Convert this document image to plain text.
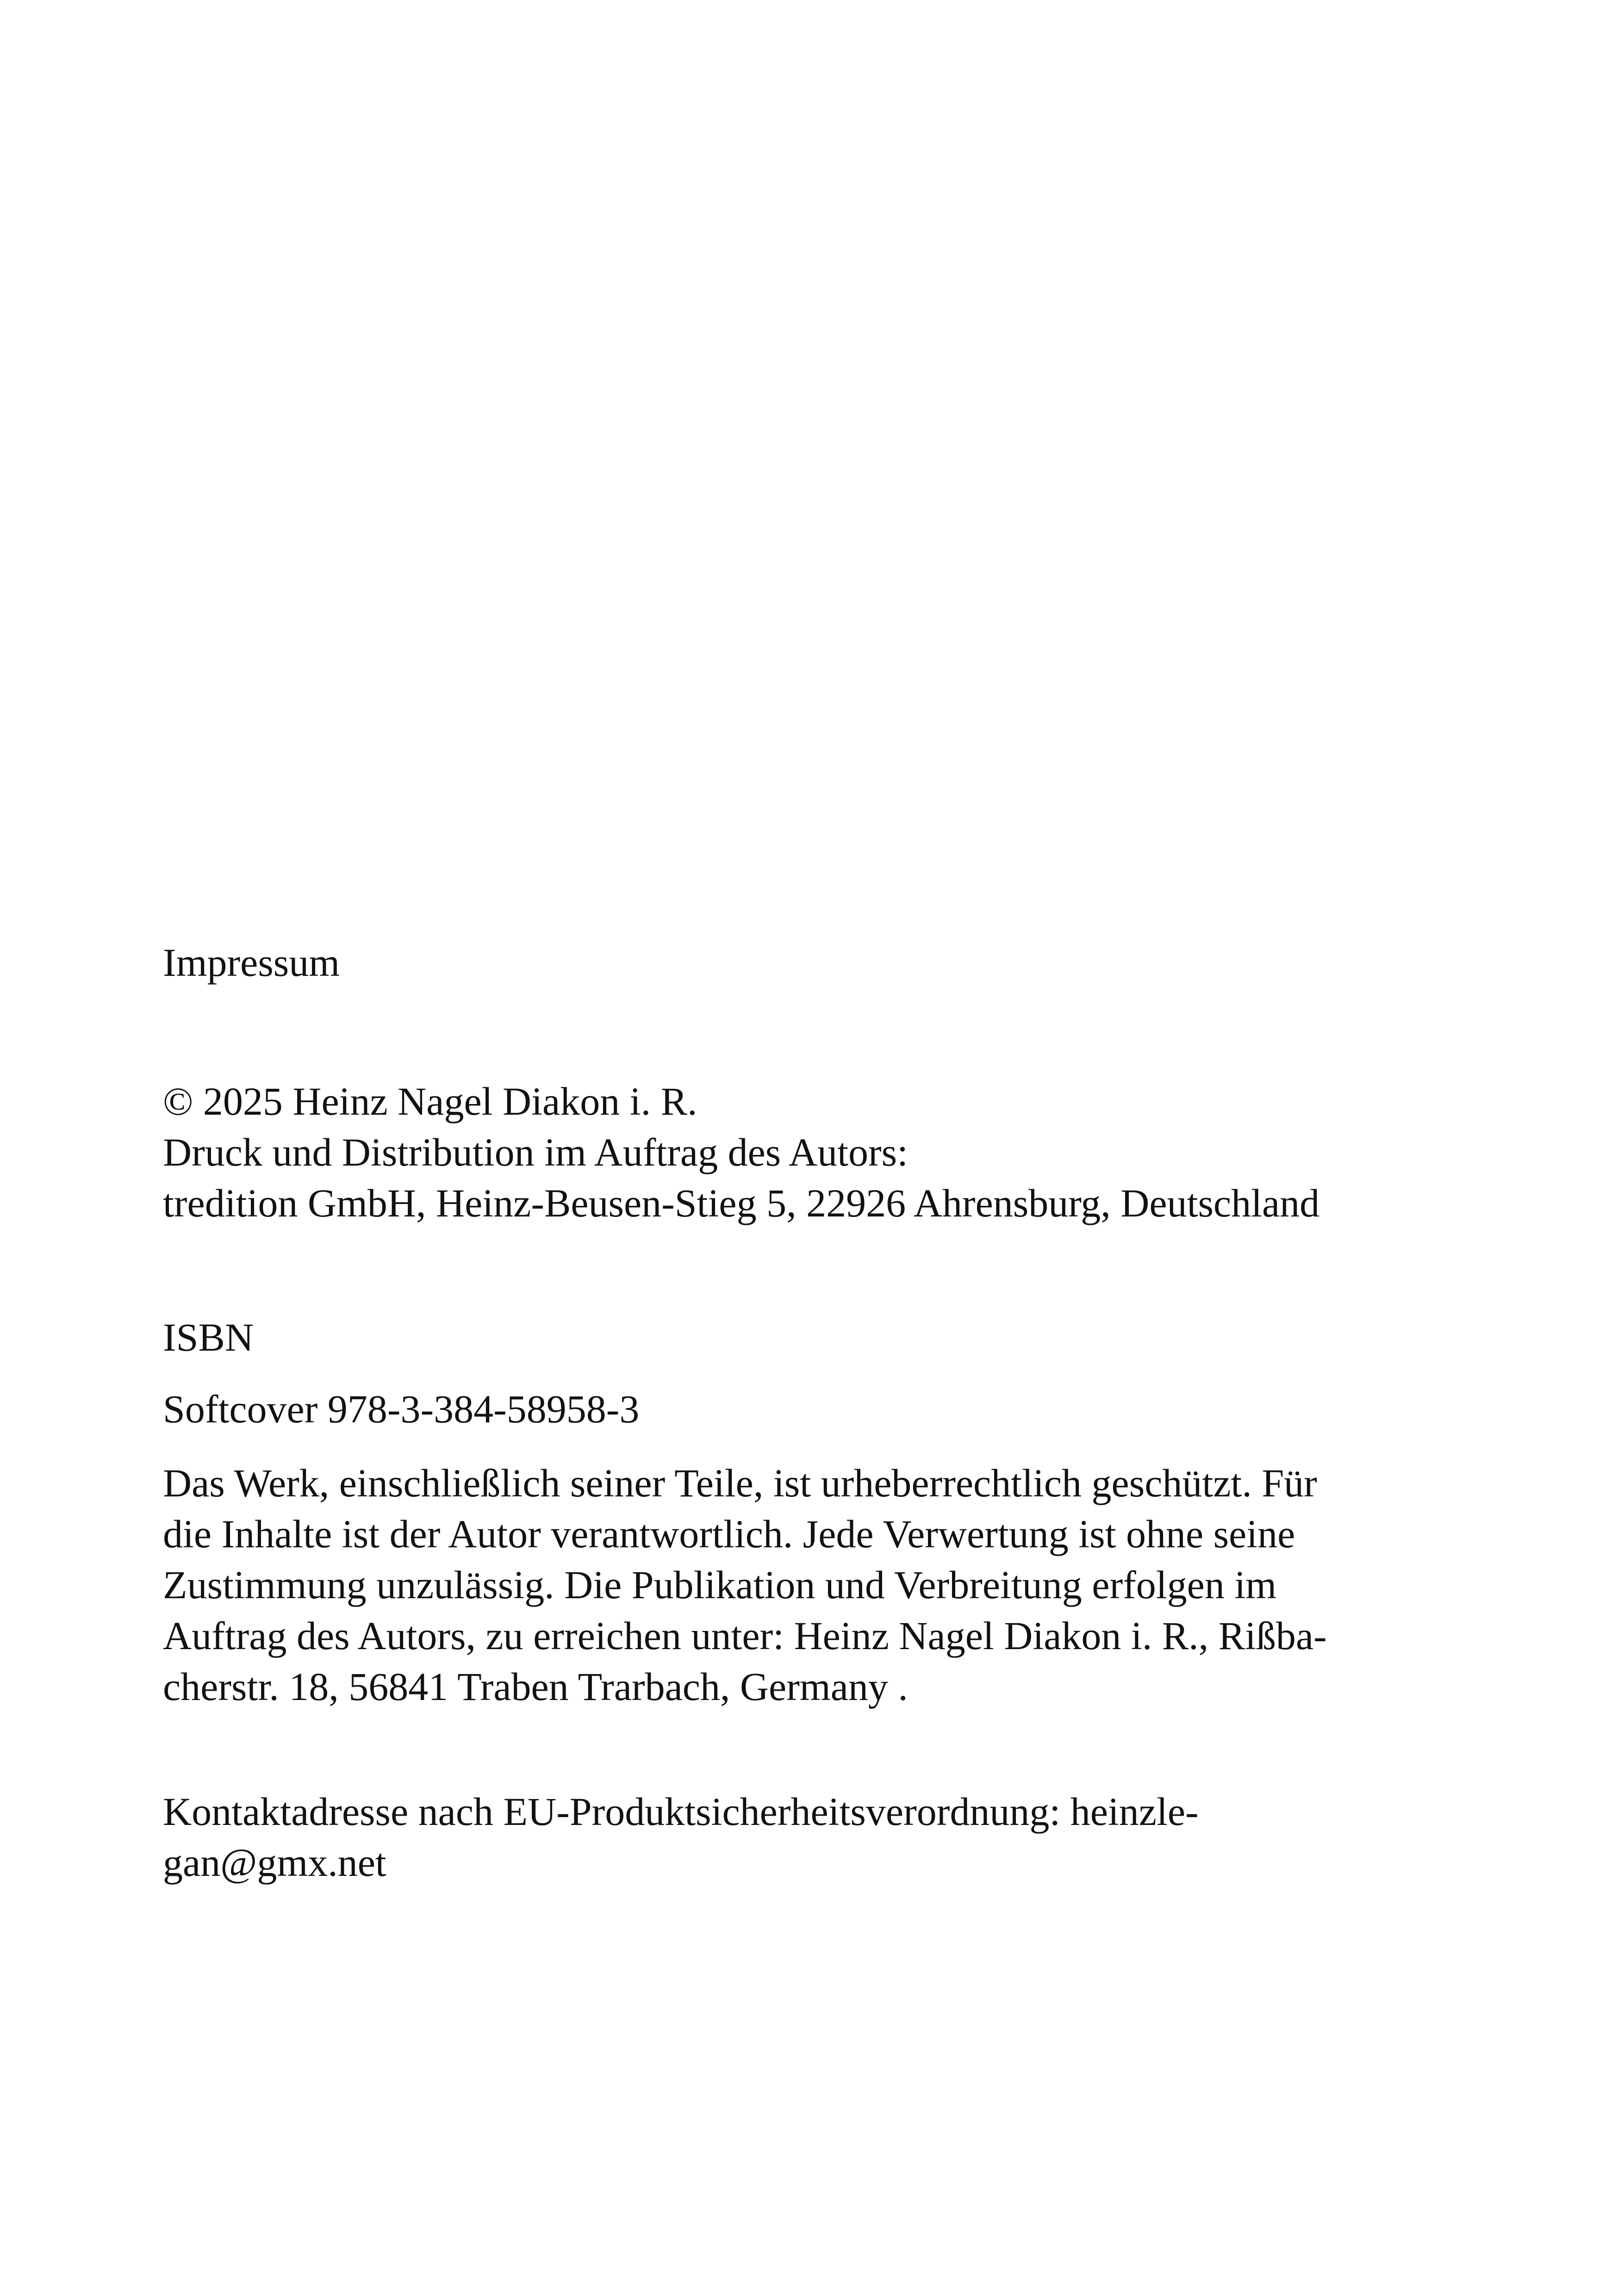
Impressum

© 2025 Heinz Nagel Diakon i. R.

Druck und Distribution im Auftrag des Autors:

tredition GmbH, Heinz-Beusen-Stieg 5, 22926 Ahrensburg, Deutschland

ISBN

Softcover 978-3-384-58958-3

Das Werk, einschließlich seiner Teile, ist urheberrechtlich geschützt. Für

die Inhalte ist der Autor verantwortlich. Jede Verwertung ist ohne seine

Zustimmung unzulässig. Die Publikation und Verbreitung erfolgen im

Auftrag des Autors, zu erreichen unter: Heinz Nagel Diakon i. R., Rißba-

cherstr. 18, 56841 Traben Trarbach, Germany .

Kontaktadresse nach EU-Produktsicherheitsverordnung: heinzle-

gan@gmx.net
